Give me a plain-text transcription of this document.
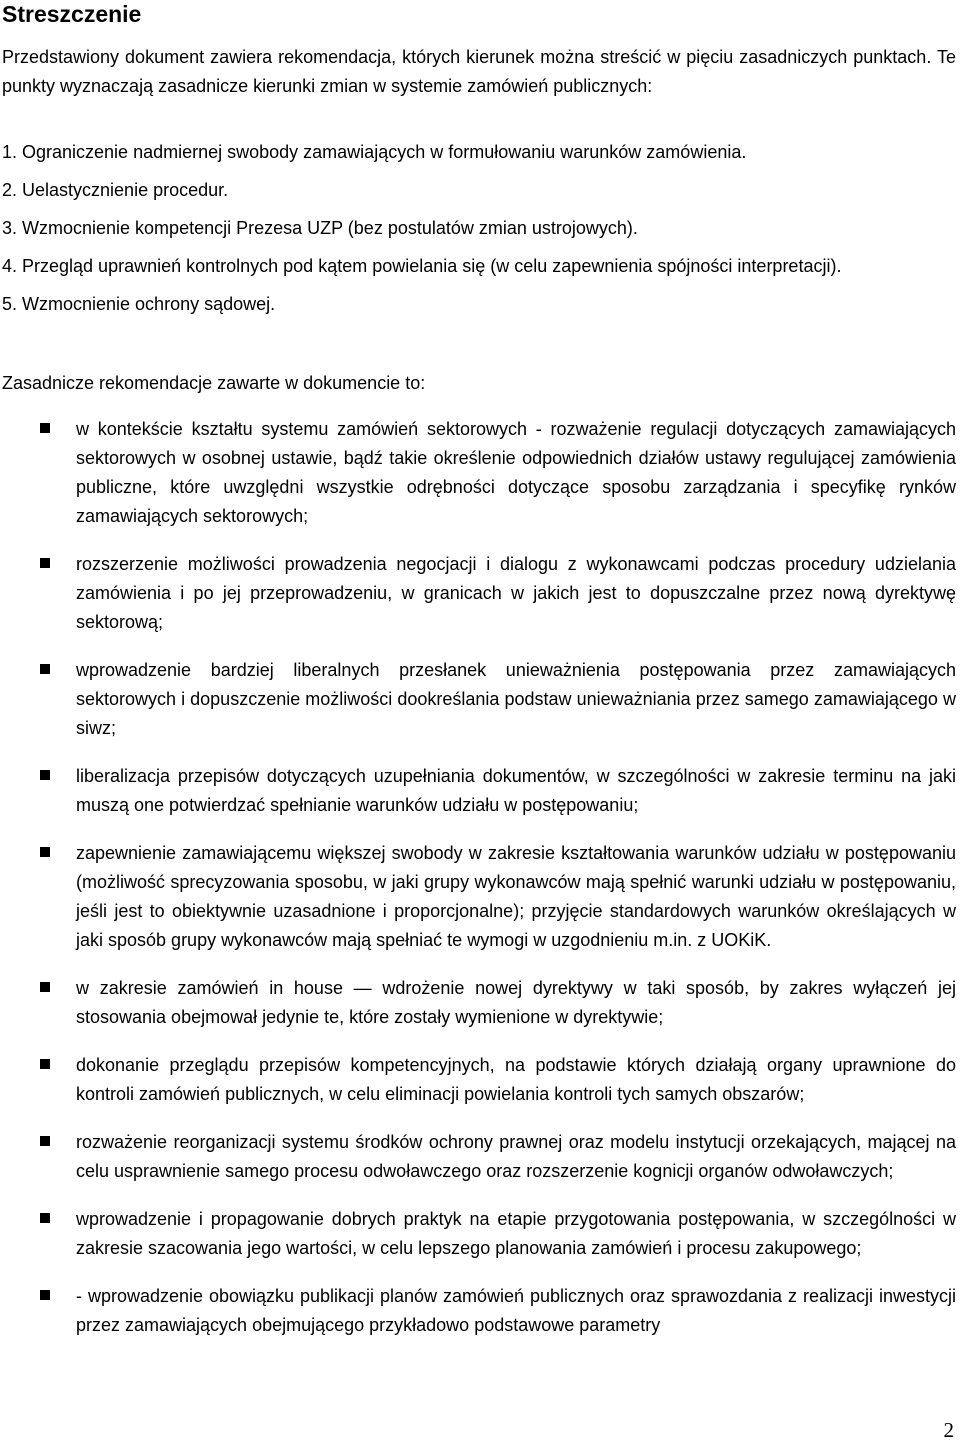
Streszczenie

Przedstawiony dokument zawiera rekomendacja, których kierunek można streścić w pięciu zasadniczych punktach. Te punkty wyznaczają zasadnicze kierunki zmian w systemie zamówień publicznych:

1. Ograniczenie nadmiernej swobody zamawiających w formułowaniu warunków zamówienia.
2. Uelastycznienie procedur.
3. Wzmocnienie kompetencji Prezesa UZP (bez postulatów zmian ustrojowych).
4. Przegląd uprawnień kontrolnych pod kątem powielania się (w celu zapewnienia spójności interpretacji).
5. Wzmocnienie ochrony sądowej.

Zasadnicze rekomendacje zawarte w dokumencie to:

w kontekście kształtu systemu zamówień sektorowych - rozważenie regulacji dotyczących zamawiających sektorowych w osobnej ustawie, bądź takie określenie odpowiednich działów ustawy regulującej zamówienia publiczne, które uwzględni wszystkie odrębności dotyczące sposobu zarządzania i specyfikę rynków zamawiających sektorowych;
rozszerzenie możliwości prowadzenia negocjacji i dialogu z wykonawcami podczas procedury udzielania zamówienia i po jej przeprowadzeniu, w granicach w jakich jest to dopuszczalne przez nową dyrektywę sektorową;
wprowadzenie bardziej liberalnych przesłanek unieważnienia postępowania przez zamawiających sektorowych i dopuszczenie możliwości dookreślania podstaw unieważniania przez samego zamawiającego w siwz;
liberalizacja przepisów dotyczących uzupełniania dokumentów, w szczególności w zakresie terminu na jaki muszą one potwierdzać spełnianie warunków udziału w postępowaniu;
zapewnienie zamawiającemu większej swobody w zakresie kształtowania warunków udziału w postępowaniu (możliwość sprecyzowania sposobu, w jaki grupy wykonawców mają spełnić warunki udziału w postępowaniu, jeśli jest to obiektywnie uzasadnione i proporcjonalne); przyjęcie standardowych warunków określających w jaki sposób grupy wykonawców mają spełniać te wymogi w uzgodnieniu m.in. z UOKiK.
w zakresie zamówień in house — wdrożenie nowej dyrektywy w taki sposób, by zakres wyłączeń jej stosowania obejmował jedynie te, które zostały wymienione w dyrektywie;
dokonanie przeglądu przepisów kompetencyjnych, na podstawie których działają organy uprawnione do kontroli zamówień publicznych, w celu eliminacji powielania kontroli tych samych obszarów;
rozważenie reorganizacji systemu środków ochrony prawnej oraz modelu instytucji orzekających, mającej na celu usprawnienie samego procesu odwoławczego oraz rozszerzenie kognicji organów odwoławczych;
wprowadzenie i propagowanie dobrych praktyk na etapie przygotowania postępowania, w szczególności w zakresie szacowania jego wartości, w celu lepszego planowania zamówień i procesu zakupowego;
- wprowadzenie obowiązku publikacji planów zamówień publicznych oraz sprawozdania z realizacji inwestycji przez zamawiających obejmującego przykładowo podstawowe parametry

2
